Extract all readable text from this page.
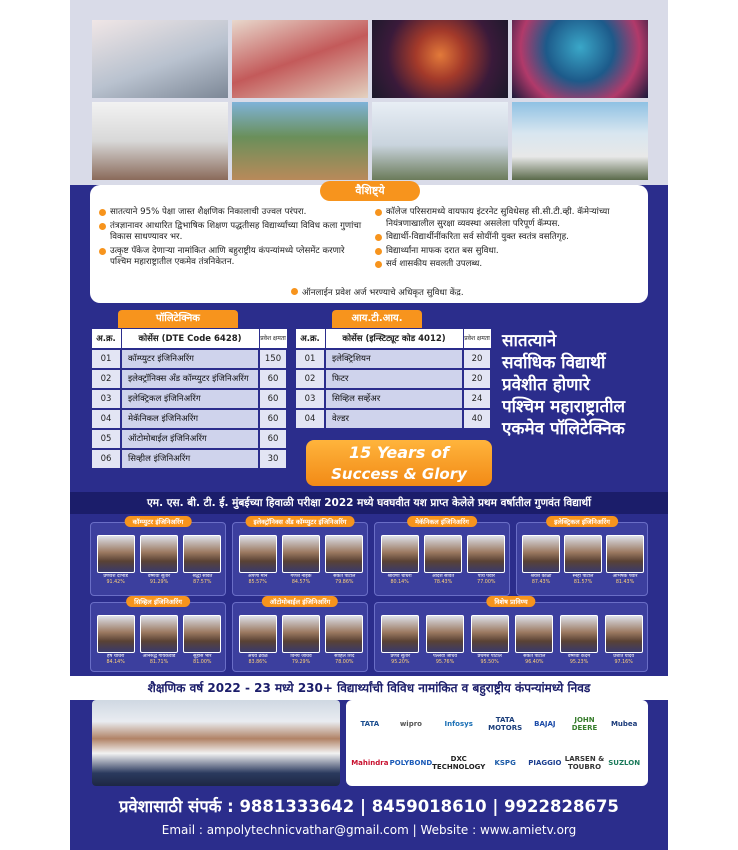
वैशिष्ट्ये
सातत्याने 95% पेक्षा जास्त शैक्षणिक निकालाची उज्वल परंपरा.
तंत्रज्ञानावर आधारित द्विभाषिक शिक्षण पद्धतीसह विद्यार्थ्यांच्या विविध कला गुणांचा विकास साधण्यावर भर.
उत्कृष्ट पॅकेज देणाऱ्या नामांकित आणि बहुराष्ट्रीय कंपन्यांमध्ये प्लेसमेंट करणारे पश्चिम महाराष्ट्रातील एकमेव तंत्रनिकेतन.
कॉलेज परिसरामध्ये वायफाय इंटरनेट सुविधेसह सी.सी.टी.व्ही. कॅमेऱ्यांच्या नियंत्रणाखालील सुरक्षा व्यवस्था असलेला परिपूर्ण कॅम्पस.
विद्यार्थी-विद्यार्थीनींकरिता सर्व सोयींनी युक्त स्वतंत्र वसतिगृह.
विद्यार्थ्यांना माफक दरात बस सुविधा.
सर्व शासकीय सवलती उपलब्ध.
ऑनलाईन प्रवेश अर्ज भरण्याचे अधिकृत सुविधा केंद्र.
पॉलिटेक्निक
अ.क्र.	कोर्सेस (DTE Code 6428)	प्रवेश क्षमता

01	कॉम्प्युटर इंजिनिअरिंग	150
02	इलेक्ट्रॉनिक्स ॲंड कॉम्प्युटर इंजिनिअरिंग	60
03	इलेक्ट्रिकल इंजिनिअरिंग	60
04	मेकॅनिकल इंजिनिअरिंग	60
05	ऑटोमोबाईल इंजिनिअरिंग	60
06	सिव्हील इंजिनिअरिंग	30
आय.टी.आय.
अ.क्र.	कोर्सेस (इन्स्टिट्यूट कोड 4012)	प्रवेश क्षमता

01	इलेक्ट्रिशियन	20
02	फिटर	20
03	सिव्हिल सर्व्हेअर	24
04	वेल्डर	40
15 Years of
Success & Glory
सातत्याने
सर्वाधिक विद्यार्थी
प्रवेशीत होणारे
पश्चिम महाराष्ट्रातील
एकमेव पॉलिटेक्निक
एम. एस. बी. टी. ई. मुंबईच्या हिवाळी परीक्षा 2022 मध्ये घवघवीत यश प्राप्त केलेले प्रथम वर्षातील गुणवंत विद्यार्थी
कॉम्प्युटर इंजिनिअरिंग
प्रणवेश दाभाडे
91.42%
वैष्णवी सुतार
91.29%
श्रद्धा सावंत
87.57%
इलेक्ट्रॉनिक्स ॲंड कॉम्प्युटर इंजिनिअरिंग
अपर्णा माने
85.57%
गणेश नाईक
84.57%
संकेत पाटील
79.86%
मेकॅनिकल इंजिनिअरिंग
श्रावणी चौधरी
80.14%
आदर्श सावंत
78.43%
पार्थ पवार
77.00%
इलेक्ट्रिकल इंजिनिअरिंग
श्रेयश कोळी
87.43%
स्नेहा पाटील
81.57%
अभिषेक पवार
81.43%
सिव्हिल इंजिनिअरिंग
हर्ष चौधरी
84.14%
अनिरुद्ध गायकवाड
81.71%
सुहास भोरे
81.00%
ऑटोमोबाईल इंजिनिअरिंग
अथर्व ढवळे
83.86%
विनय जाधव
79.29%
साहिल शिंदे
78.00%
विशेष प्राविण्य
प्रणव सुतार
95.20%
पल्लवी जाधव
95.76%
प्रथमेश पाटील
95.50%
संकेत पाटील
96.40%
वैष्णवी कदम
95.23%
प्रशांत यादव
97.16%
शैक्षणिक वर्ष 2022 - 23 मध्ये 230+ विद्यार्थ्यांची विविध नामांकित व बहुराष्ट्रीय कंपन्यांमध्ये निवड
TATA	wipro	Infosys	TATA MOTORS	BAJAJ	JOHN DEERE	Mubea
Mahindra POLYBOND	DXC TECHNOLOGY KSPG PIAGGIO LARSEN & TOUBRO	SUZLON
प्रवेशासाठी संपर्क : 9881333642 | 8459018610 | 9922828675
Email : ampolytechnicvathar@gmail.com | Website : www.amietv.org
